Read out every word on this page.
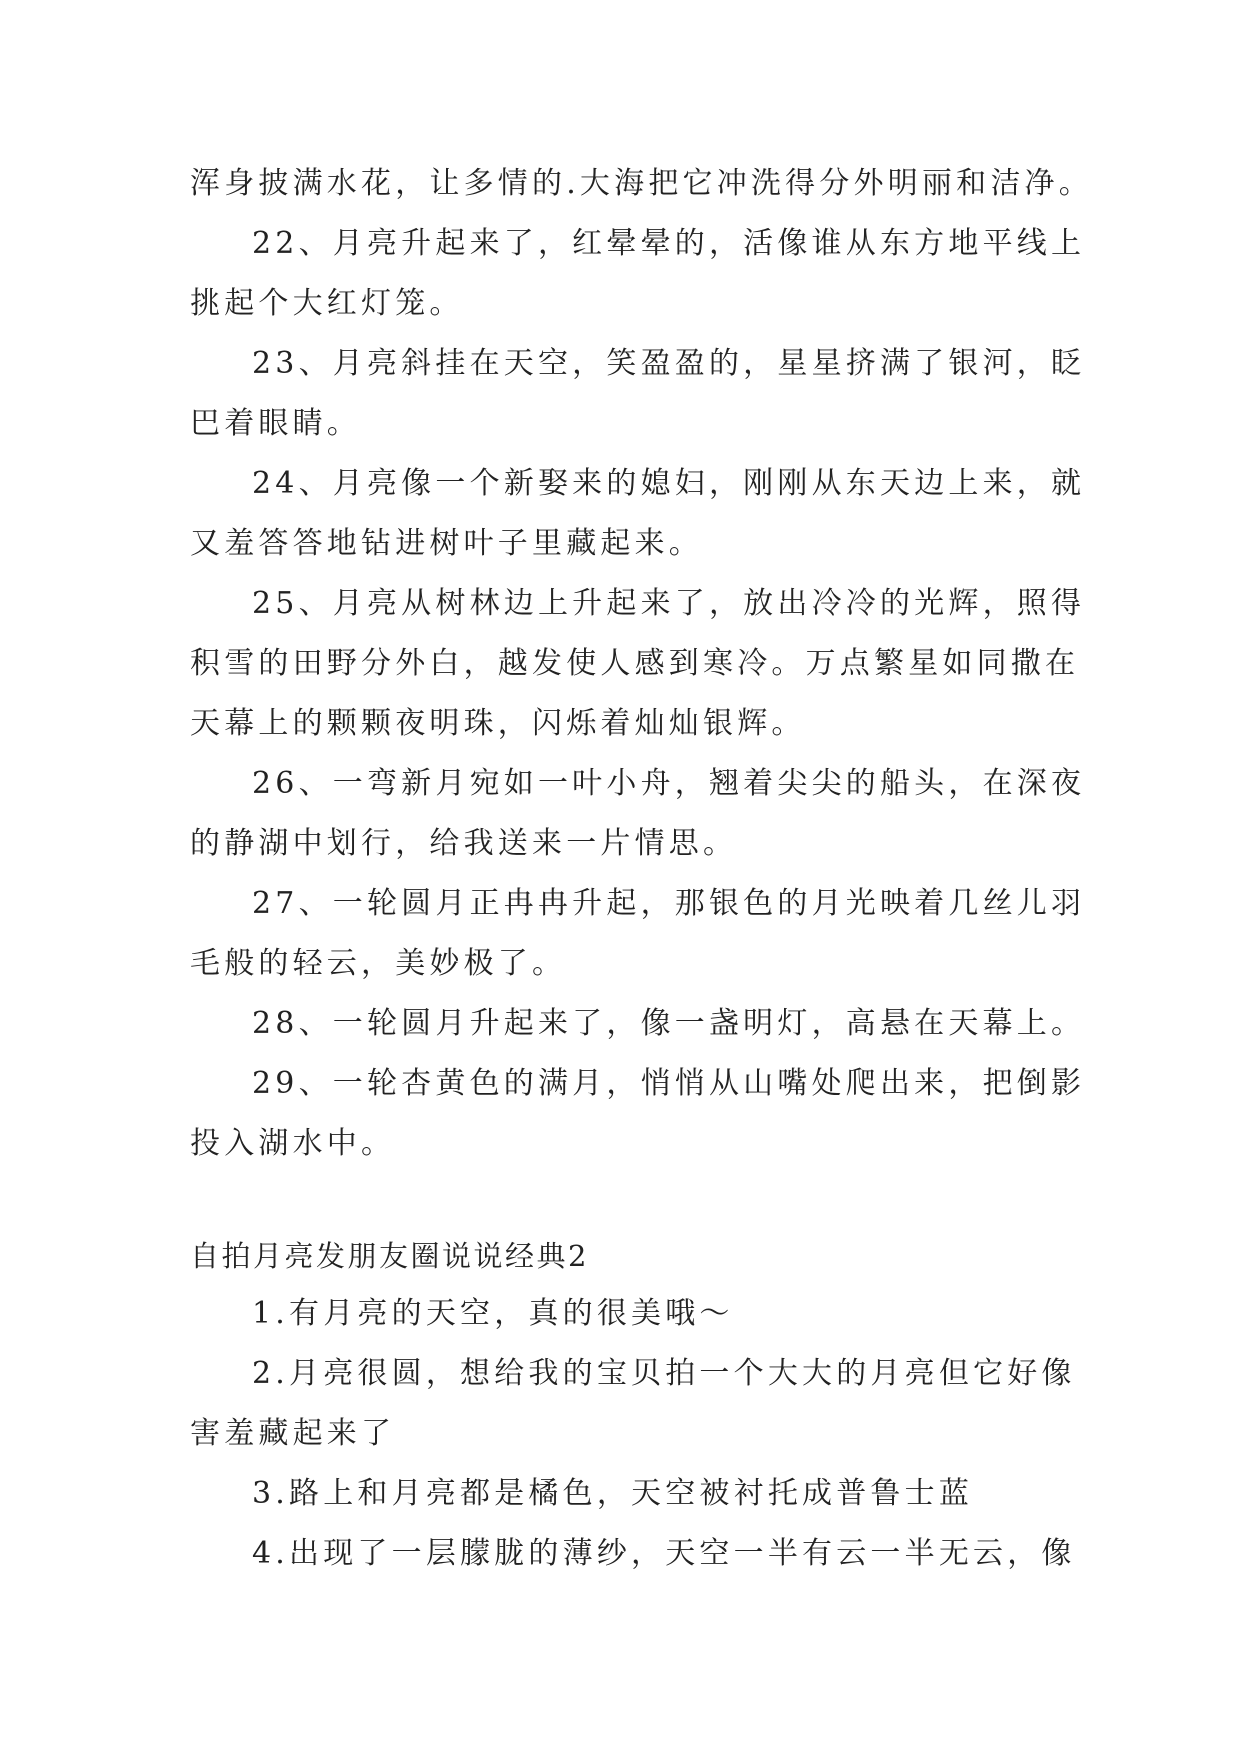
浑身披满水花，让多情的.大海把它冲洗得分外明丽和洁净。
22、月亮升起来了，红晕晕的，活像谁从东方地平线上
挑起个大红灯笼。
23、月亮斜挂在天空，笑盈盈的，星星挤满了银河，眨
巴着眼睛。
24、月亮像一个新娶来的媳妇，刚刚从东天边上来，就
又羞答答地钻进树叶子里藏起来。
25、月亮从树林边上升起来了，放出冷冷的光辉，照得
积雪的田野分外白，越发使人感到寒冷。万点繁星如同撒在
天幕上的颗颗夜明珠，闪烁着灿灿银辉。
26、一弯新月宛如一叶小舟，翘着尖尖的船头，在深夜
的静湖中划行，给我送来一片情思。
27、一轮圆月正冉冉升起，那银色的月光映着几丝儿羽
毛般的轻云，美妙极了。
28、一轮圆月升起来了，像一盏明灯，高悬在天幕上。
29、一轮杏黄色的满月，悄悄从山嘴处爬出来，把倒影
投入湖水中。
自拍月亮发朋友圈说说经典2
1.有月亮的天空，真的很美哦～
2.月亮很圆，想给我的宝贝拍一个大大的月亮但它好像
害羞藏起来了
3.路上和月亮都是橘色，天空被衬托成普鲁士蓝
4.出现了一层朦胧的薄纱，天空一半有云一半无云，像
